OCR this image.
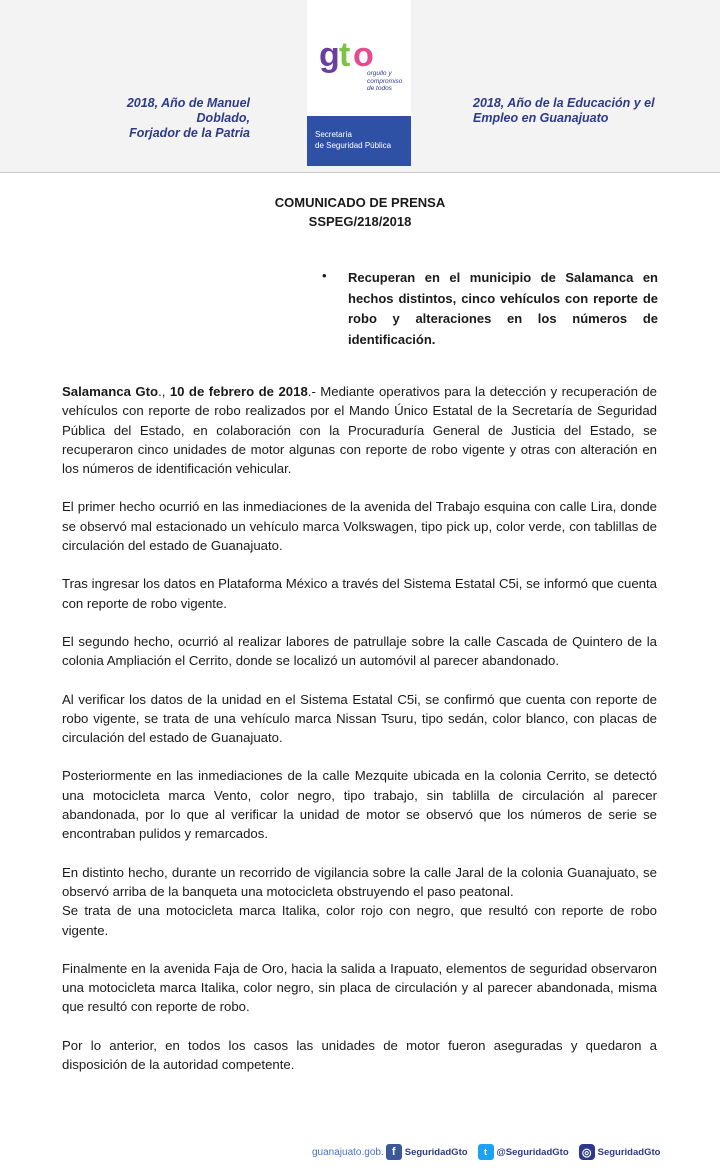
2018, Año de Manuel Doblado,
Forjador de la Patria
g t o
orgullo y
compromiso
de todos
Secretaría
de Seguridad Pública
2018, Año de la Educación y el
Empleo en Guanajuato
COMUNICADO DE PRENSA
SSPEG/218/2018
• Recuperan en el municipio de Salamanca en hechos distintos, cinco vehículos con reporte de robo y alteraciones en los números de identificación.

Salamanca Gto., 10 de febrero de 2018.- Mediante operativos para la detección y recuperación de vehículos con reporte de robo realizados por el Mando Único Estatal de la Secretaría de Seguridad Pública del Estado, en colaboración con la Procuraduría General de Justicia del Estado, se recuperaron cinco unidades de motor algunas con reporte de robo vigente y otras con alteración en los números de identificación vehicular.

El primer hecho ocurrió en las inmediaciones de la avenida del Trabajo esquina con calle Lira, donde se observó mal estacionado un vehículo marca Volkswagen, tipo pick up, color verde, con tablillas de circulación del estado de Guanajuato.

Tras ingresar los datos en Plataforma México a través del Sistema Estatal C5i, se informó que cuenta con reporte de robo vigente.

El segundo hecho, ocurrió al realizar labores de patrullaje sobre la calle Cascada de Quintero de la colonia Ampliación el Cerrito, donde se localizó un automóvil al parecer abandonado.

Al verificar los datos de la unidad en el Sistema Estatal C5i, se confirmó que cuenta con reporte de robo vigente, se trata de una vehículo marca Nissan Tsuru, tipo sedán, color blanco, con placas de circulación del estado de Guanajuato.

Posteriormente en las inmediaciones de la calle Mezquite ubicada en la colonia Cerrito, se detectó una motocicleta marca Vento, color negro, tipo trabajo, sin tablilla de circulación al parecer abandonada, por lo que al verificar la unidad de motor se observó que los números de serie se encontraban pulidos y remarcados.

En distinto hecho, durante un recorrido de vigilancia sobre la calle Jaral de la colonia Guanajuato, se observó arriba de la banqueta una motocicleta obstruyendo el paso peatonal.

Se trata de una motocicleta marca Italika, color rojo con negro, que resultó con reporte de robo vigente.

Finalmente en la avenida Faja de Oro, hacia la salida a Irapuato, elementos de seguridad observaron una motocicleta marca Italika, color negro, sin placa de circulación y al parecer abandonada, misma que resultó con reporte de robo.

Por lo anterior, en todos los casos las unidades de motor fueron aseguradas y quedaron a disposición de la autoridad competente.

guanajuato.gob. f SeguridadGto	t	@SeguridadGto ◎ SeguridadGto
